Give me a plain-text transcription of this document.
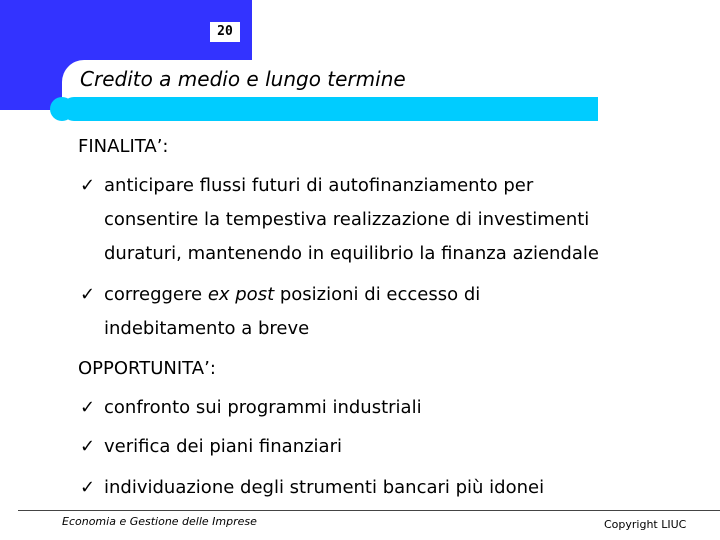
20
Credito a medio e lungo termine
FINALITA’:
✓ anticipare flussi futuri di autofinanziamento per
consentire la tempestiva realizzazione di investimenti
duraturi, mantenendo in equilibrio la finanza aziendale
✓ correggere ex post posizioni di eccesso di
indebitamento a breve
OPPORTUNITA’:
✓ confronto sui programmi industriali
✓ verifica dei piani finanziari
✓ individuazione degli strumenti bancari più idonei
Economia e Gestione delle Imprese	Copyright LIUC
